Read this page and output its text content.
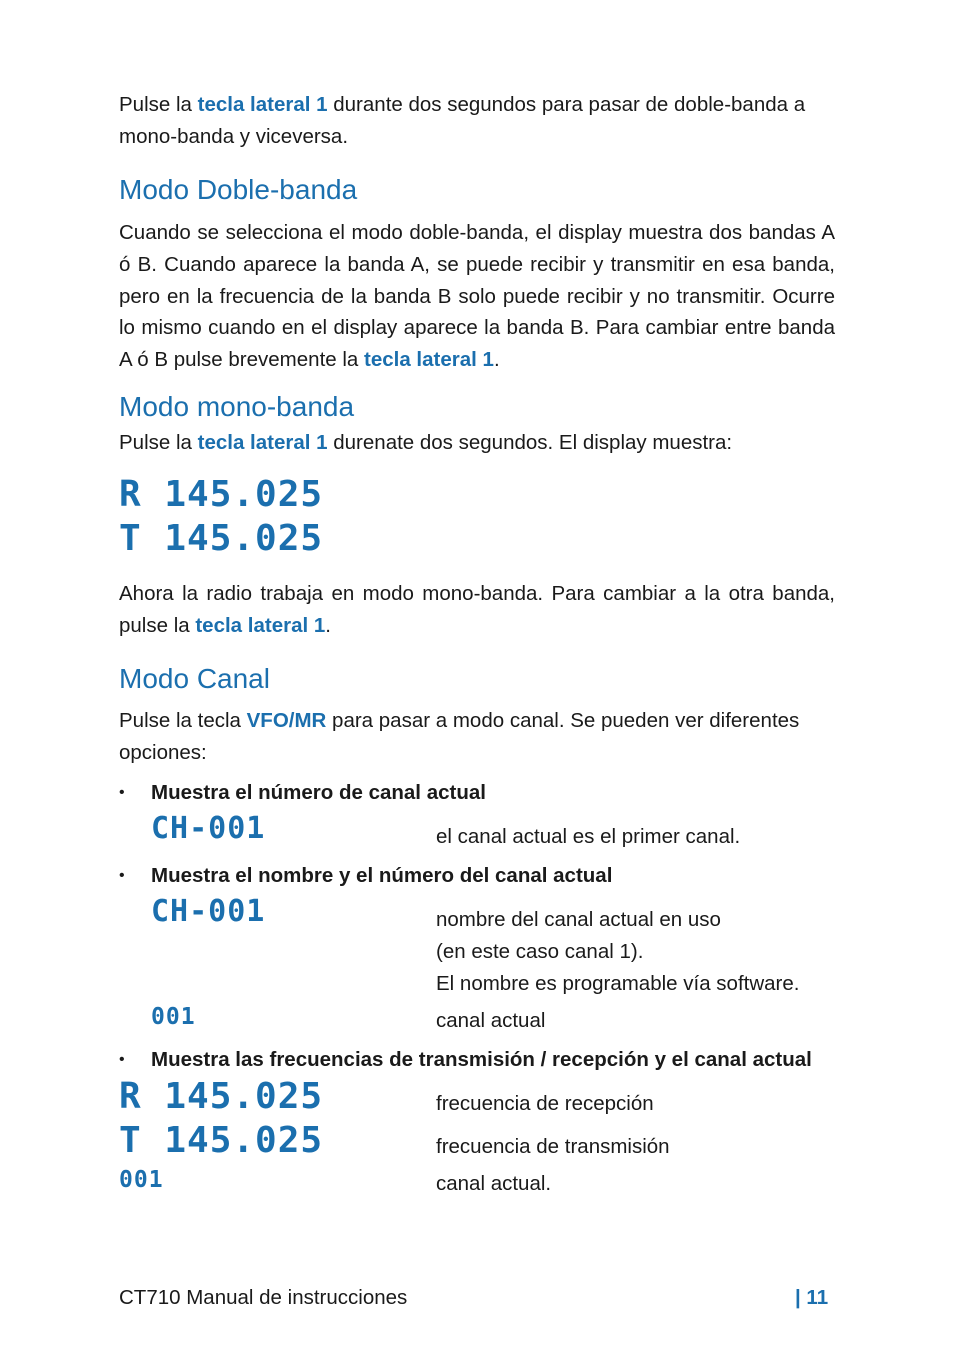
Pulse la tecla lateral 1 durante dos segundos para pasar de doble-banda a mono-banda y viceversa.
Modo Doble-banda
Cuando se selecciona el modo doble-banda, el display muestra dos bandas A ó B. Cuando aparece la banda A, se puede recibir y transmitir en esa banda, pero en la frecuencia de la banda B solo puede recibir y no transmitir. Ocurre lo mismo cuando en el display aparece la banda B. Para cambiar entre banda A ó B pulse brevemente la tecla lateral 1.
Modo mono-banda
Pulse la tecla lateral 1 durenate dos segundos. El display muestra:
R 145.025
T 145.025
Ahora la radio trabaja en modo mono-banda. Para cambiar a la otra banda, pulse la tecla lateral 1.
Modo Canal
Pulse la tecla VFO/MR para pasar a modo canal. Se pueden ver diferentes opciones:
• Muestra el número de canal actual
CH-001	el canal actual es el primer canal.
• Muestra el nombre y el número del canal actual
CH-001	nombre del canal actual en uso
(en este caso canal 1).
El nombre es programable vía software.
001	canal actual
• Muestra las frecuencias de transmisión / recepción y el canal actual
R 145.025	frecuencia de recepción
T 145.025	frecuencia de transmisión
001	canal actual.
CT710 Manual de instrucciones	| 11
